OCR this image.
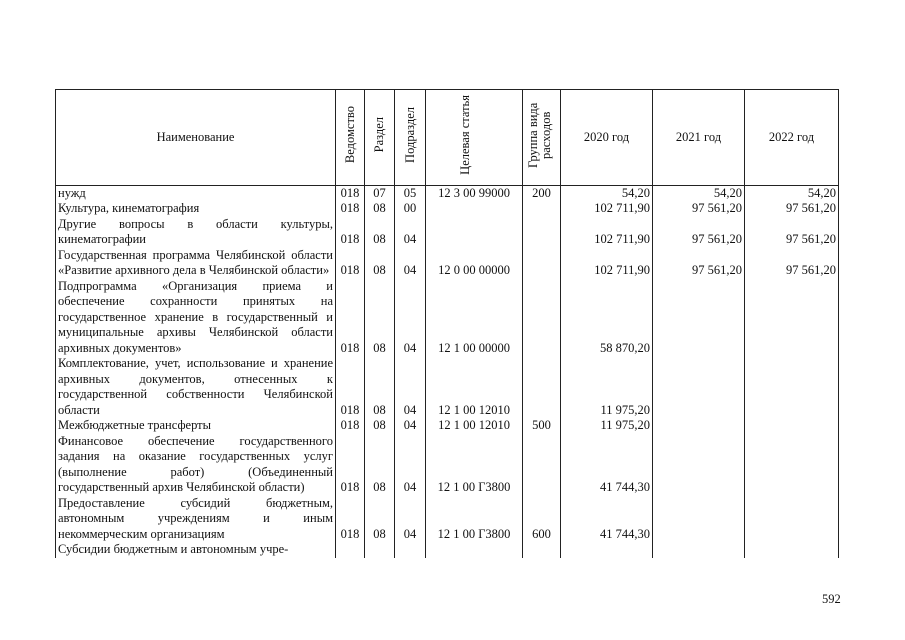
Наименование	Ведомство	Раздел	Подраздел	Целевая статья	Группа вида расходов	2020 год	2021 год	2022 год
нужд	018	07	05	12 3 00 99000	200	54,20	54,20	54,20
Культура, кинематография	018	08	00			102 711,90	97 561,20	97 561,20
Другие вопросы в области культуры, кинематографии	018	08	04			102 711,90	97 561,20	97 561,20
Государственная программа Челябинской области «Развитие архивного дела в Челябинской области»	018	08	04	12 0 00 00000		102 711,90	97 561,20	97 561,20
Подпрограмма «Организация приема и обеспечение сохранности принятых на государственное хранение в государственный и муниципальные архивы Челябинской области архивных документов»	018	08	04	12 1 00 00000		58 870,20		
Комплектование, учет, использование и хранение архивных документов, отнесенных к государственной собственности Челябинской области	018	08	04	12 1 00 12010		11 975,20		
Межбюджетные трансферты	018	08	04	12 1 00 12010	500	11 975,20		
Финансовое обеспечение государственного задания на оказание государственных услуг (выполнение работ) (Объединенный государственный архив Челябинской области)	018	08	04	12 1 00 Г3800		41 744,30		
Предоставление субсидий бюджетным, автономным учреждениям и иным некоммерческим организациям	018	08	04	12 1 00 Г3800	600	41 744,30		
Субсидии бюджетным и автономным учре-								
592
